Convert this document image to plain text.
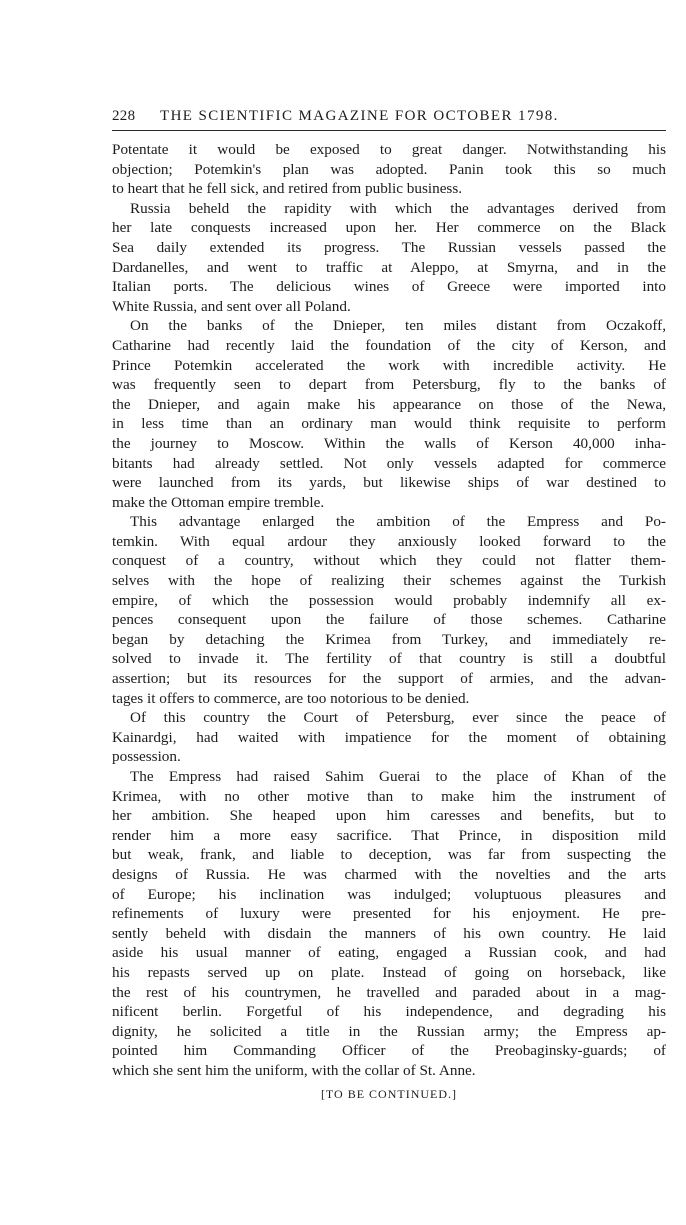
228	THE SCIENTIFIC MAGAZINE FOR OCTOBER 1798.
Potentate it would be exposed to great danger. Notwithstanding his
objection; Potemkin's plan was adopted. Panin took this so much
to heart that he fell sick, and retired from public business.
Russia beheld the rapidity with which the advantages derived from
her late conquests increased upon her. Her commerce on the Black
Sea daily extended its progress. The Russian vessels passed the
Dardanelles, and went to traffic at Aleppo, at Smyrna, and in the
Italian ports. The delicious wines of Greece were imported into
White Russia, and sent over all Poland.
On the banks of the Dnieper, ten miles distant from Oczakoff,
Catharine had recently laid the foundation of the city of Kerson, and
Prince Potemkin accelerated the work with incredible activity. He
was frequently seen to depart from Petersburg, fly to the banks of
the Dnieper, and again make his appearance on those of the Newa,
in less time than an ordinary man would think requisite to perform
the journey to Moscow. Within the walls of Kerson 40,000 inha-
bitants had already settled. Not only vessels adapted for commerce
were launched from its yards, but likewise ships of war destined to
make the Ottoman empire tremble.
This advantage enlarged the ambition of the Empress and Po-
temkin. With equal ardour they anxiously looked forward to the
conquest of a country, without which they could not flatter them-
selves with the hope of realizing their schemes against the Turkish
empire, of which the possession would probably indemnify all ex-
pences consequent upon the failure of those schemes. Catharine
began by detaching the Krimea from Turkey, and immediately re-
solved to invade it. The fertility of that country is still a doubtful
assertion; but its resources for the support of armies, and the advan-
tages it offers to commerce, are too notorious to be denied.
Of this country the Court of Petersburg, ever since the peace of
Kainardgi, had waited with impatience for the moment of obtaining
possession.
The Empress had raised Sahim Guerai to the place of Khan of the
Krimea, with no other motive than to make him the instrument of
her ambition. She heaped upon him caresses and benefits, but to
render him a more easy sacrifice. That Prince, in disposition mild
but weak, frank, and liable to deception, was far from suspecting the
designs of Russia. He was charmed with the novelties and the arts
of Europe; his inclination was indulged; voluptuous pleasures and
refinements of luxury were presented for his enjoyment. He pre-
sently beheld with disdain the manners of his own country. He laid
aside his usual manner of eating, engaged a Russian cook, and had
his repasts served up on plate. Instead of going on horseback, like
the rest of his countrymen, he travelled and paraded about in a mag-
nificent berlin. Forgetful of his independence, and degrading his
dignity, he solicited a title in the Russian army; the Empress ap-
pointed him Commanding Officer of the Preobaginsky-guards; of
which she sent him the uniform, with the collar of St. Anne.
[TO BE CONTINUED.]
